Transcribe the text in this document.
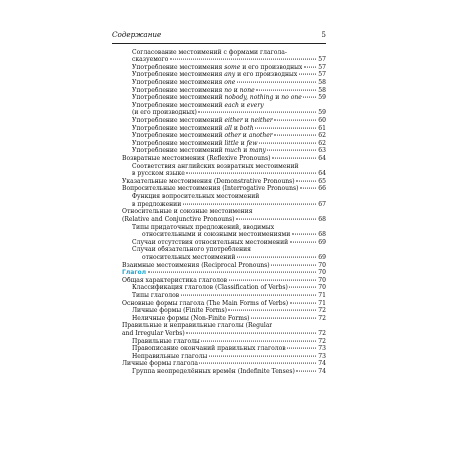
Содержание	5
Согласование местоимений с формами глагола-
сказуемого	57
Употребление местоимения some и его производных	57
Употребление местоимения any и его производных	57
Употребление местоимения one	58
Употребление местоимения no и none	58
Употребление местоимений nobody, nothing и no one	59
Употребление местоимений each и every
(и его производных)	59
Употребление местоимений either и neither	60
Употребление местоимений all и both	61
Употребление местоимений other и another	62
Употребление местоимений little и few	62
Употребление местоимений much и many	63
Возвратные местоимения (Reflexive Pronouns)	64
Соответствия английских возвратных местоимений
в русском языке	64
Указательные местоимения (Demonstrative Pronouns)	65
Вопросительные местоимения (Interrogative Pronouns)	66
Функция вопросительных местоимений
в предложении	67
Относительные и союзные местоимения
(Relative and Conjunctive Pronouns)	68
Типы придаточных предложений, вводимых
относительными и союзными местоимениями	68
Случаи отсутствия относительных местоимений	69
Случаи обязательного употребления
относительных местоимений	69
Взаимные местоимения (Reciprocal Pronouns)	70
Глагол	70
Общая характеристика глаголов	70
Классификация глаголов (Classification of Verbs)	70
Типы глаголов	71
Основные формы глагола (The Main Forms of Verbs)	71
Личные формы (Finite Forms)	72
Неличные формы (Non-Finite Forms)	72
Правильные и неправильные глаголы (Regular
and Irregular Verbs)	72
Правильные глаголы	72
Правописание окончаний правильных глаголов	73
Неправильные глаголы	73
Личные формы глагола	74
Группа неопределённых времён (Indefinite Tenses)	74
